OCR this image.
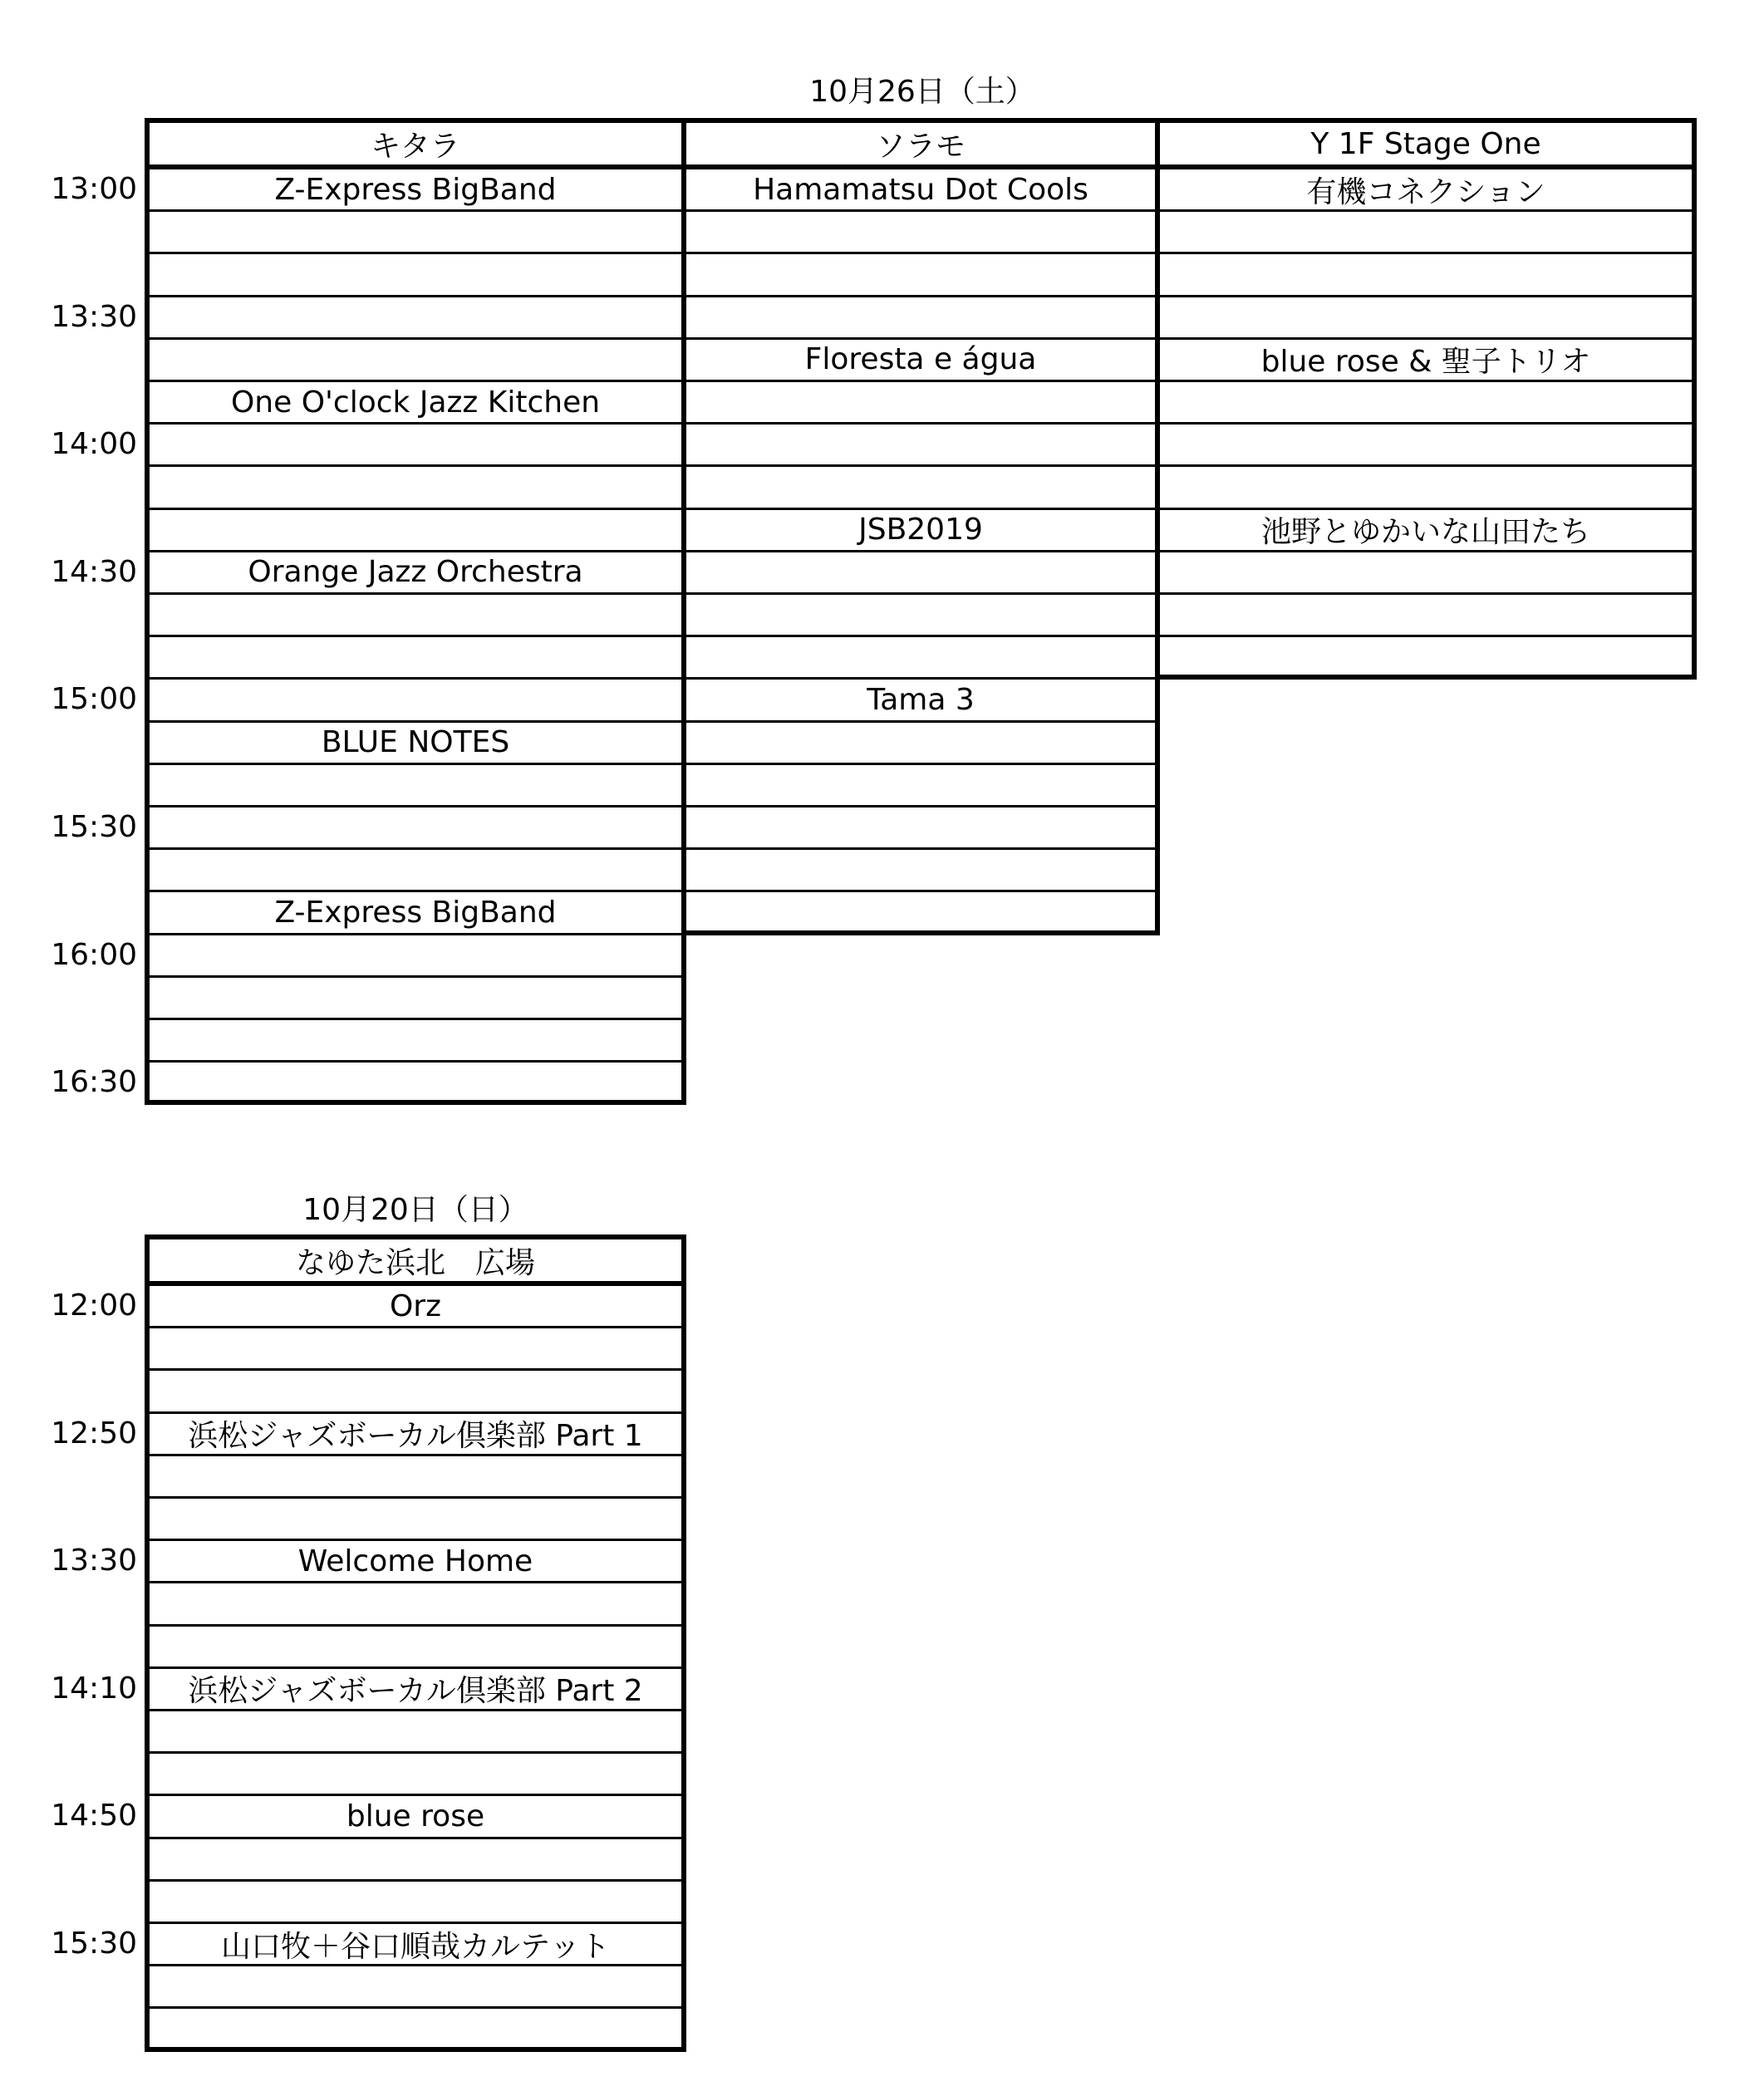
10月26日（土）
13:00
13:30
14:00
14:30
15:00
15:30
16:00
16:30
キタラ
Z-Express BigBand
One O'clock Jazz Kitchen
Orange Jazz Orchestra
BLUE NOTES
Z-Express BigBand
ソラモ
Hamamatsu Dot Cools
Floresta e água
JSB2019
Tama 3
Y 1F Stage One
有機コネクション
blue rose & 聖子トリオ
池野とゆかいな山田たち
10月20日（日）
12:00
12:50
13:30
14:10
14:50
15:30
なゆた浜北　広場
Orz
浜松ジャズボーカル倶楽部 Part 1
Welcome Home
浜松ジャズボーカル倶楽部 Part 2
blue rose
山口牧＋谷口順哉カルテット
